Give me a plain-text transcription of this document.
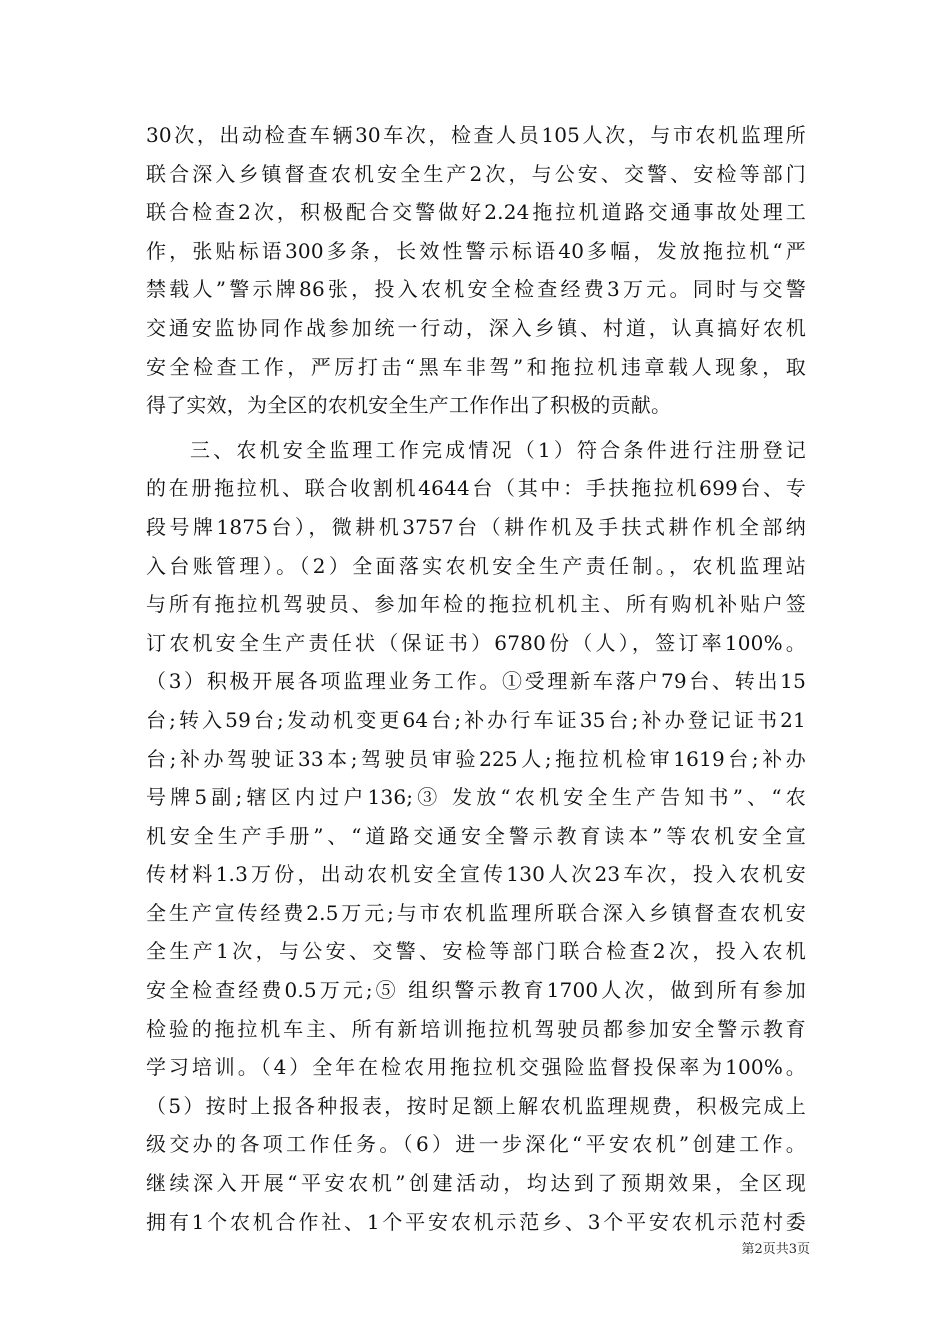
30次，出动检查车辆30车次，检查人员105人次，与市农机监理所
联合深入乡镇督查农机安全生产2次，与公安、交警、安检等部门
联合检查2次，积极配合交警做好2.24拖拉机道路交通事故处理工
作，张贴标语300多条，长效性警示标语40多幅，发放拖拉机“严
禁载人”警示牌86张，投入农机安全检查经费3万元。同时与交警
交通安监协同作战参加统一行动，深入乡镇、村道，认真搞好农机
安全检查工作，严厉打击“黑车非驾”和拖拉机违章载人现象，取
得了实效，为全区的农机安全生产工作作出了积极的贡献。
三、农机安全监理工作完成情况（1）符合条件进行注册登记
的在册拖拉机、联合收割机4644台（其中：手扶拖拉机699台、专
段号牌1875台），微耕机3757台（耕作机及手扶式耕作机全部纳
入台账管理）。（2）全面落实农机安全生产责任制。，农机监理站
与所有拖拉机驾驶员、参加年检的拖拉机机主、所有购机补贴户签
订农机安全生产责任状（保证书）6780份（人），签订率100%。
（3）积极开展各项监理业务工作。①受理新车落户79台、转出15
台;转入59台;发动机变更64台;补办行车证35台;补办登记证书21
台;补办驾驶证33本;驾驶员审验225人;拖拉机检审1619台;补办
号牌5副;辖区内过户136;③ 发放“农机安全生产告知书”、“农
机安全生产手册”、“道路交通安全警示教育读本”等农机安全宣
传材料1.3万份，出动农机安全宣传130人次23车次，投入农机安
全生产宣传经费2.5万元;与市农机监理所联合深入乡镇督查农机安
全生产1次，与公安、交警、安检等部门联合检查2次，投入农机
安全检查经费0.5万元;⑤ 组织警示教育1700人次，做到所有参加
检验的拖拉机车主、所有新培训拖拉机驾驶员都参加安全警示教育
学习培训。（4）全年在检农用拖拉机交强险监督投保率为100%。
（5）按时上报各种报表，按时足额上解农机监理规费，积极完成上
级交办的各项工作任务。（6）进一步深化“平安农机”创建工作。
继续深入开展“平安农机”创建活动，均达到了预期效果，全区现
拥有1个农机合作社、1个平安农机示范乡、3个平安农机示范村委
第2页共3页
